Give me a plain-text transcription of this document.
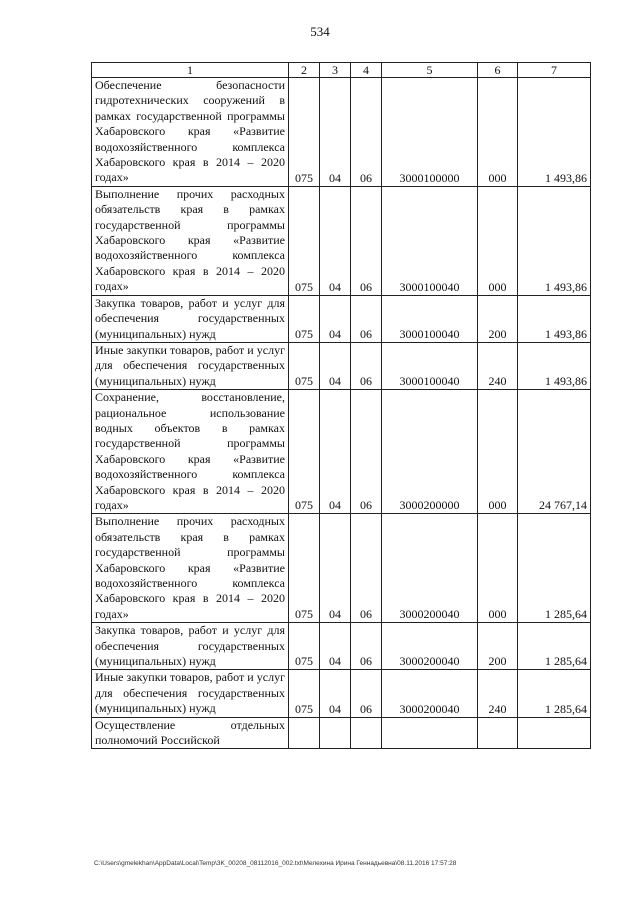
534
1	2	3	4	5	6	7
Обеспечение безопасности гидротехнических сооружений в рамках государственной программы Хабаровского края «Развитие водохозяйственного комплекса Хабаровского края в 2014 – 2020 годах»	075	04	06	3000100000	000	1 493,86
Выполнение прочих расходных обязательств края в рамках государственной программы Хабаровского края «Развитие водохозяйственного комплекса Хабаровского края в 2014 – 2020 годах»	075	04	06	3000100040	000	1 493,86
Закупка товаров, работ и услуг для обеспечения государственных (муниципальных) нужд	075	04	06	3000100040	200	1 493,86
Иные закупки товаров, работ и услуг для обеспечения государственных (муниципальных) нужд	075	04	06	3000100040	240	1 493,86
Сохранение, восстановление, рациональное использование водных объектов в рамках государственной программы Хабаровского края «Развитие водохозяйственного комплекса Хабаровского края в 2014 – 2020 годах»	075	04	06	3000200000	000	24 767,14
Выполнение прочих расходных обязательств края в рамках государственной программы Хабаровского края «Развитие водохозяйственного комплекса Хабаровского края в 2014 – 2020 годах»	075	04	06	3000200040	000	1 285,64
Закупка товаров, работ и услуг для обеспечения государственных (муниципальных) нужд	075	04	06	3000200040	200	1 285,64
Иные закупки товаров, работ и услуг для обеспечения государственных (муниципальных) нужд	075	04	06	3000200040	240	1 285,64
Осуществление отдельных полномочий Российской						
C:\Users\gmelekhan\AppData\Local\Temp\3K_00208_08112016_002.txt\Мелехина Ирина Геннадьевна\08.11.2016 17:57:28
